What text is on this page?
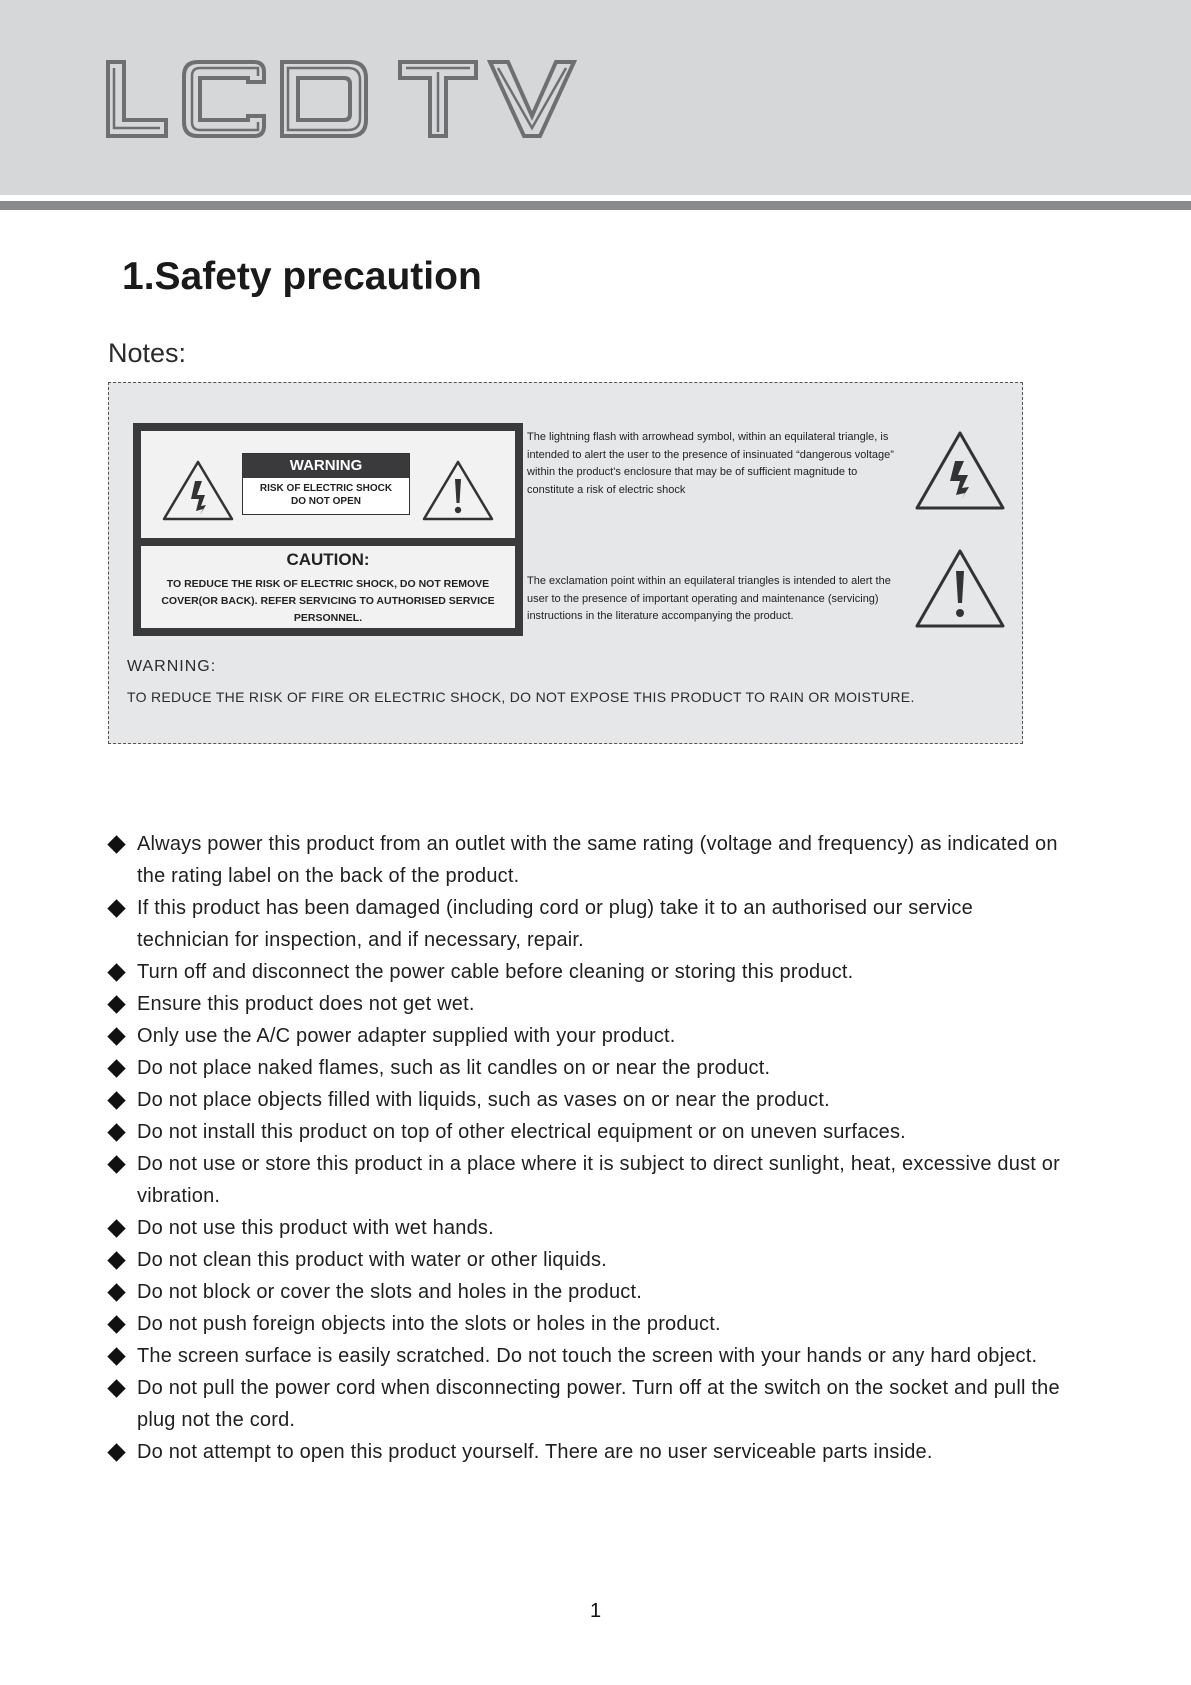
1.Safety precaution
Notes:
WARNING
RISK OF ELECTRIC SHOCK
DO NOT OPEN
CAUTION:
TO REDUCE THE RISK OF ELECTRIC SHOCK, DO NOT REMOVE COVER(OR BACK). REFER SERVICING TO AUTHORISED SERVICE PERSONNEL.
The lightning flash with arrowhead symbol, within an equilateral triangle, is intended to alert the user to the presence of insinuated “dangerous voltage” within the product's enclosure that may be of sufficient magnitude to constitute a risk of electric shock
The exclamation point within an equilateral triangles is intended to alert the user to the presence of important operating and maintenance (servicing) instructions in the literature accompanying the product.
WARNING:
TO REDUCE THE RISK OF FIRE OR ELECTRIC SHOCK, DO NOT EXPOSE THIS PRODUCT TO RAIN OR MOISTURE.
Always power this product from an outlet with the same rating (voltage and frequency) as indicated on the rating label on the back of the product.
If this product has been damaged (including cord or plug) take it to an authorised our service technician for inspection, and if necessary, repair.
Turn off and disconnect the power cable before cleaning or storing this product.
Ensure this product does not get wet.
Only use the A/C power adapter supplied with your product.
Do not place naked flames, such as lit candles on or near the product.
Do not place objects filled with liquids, such as vases on or near the product.
Do not install this product on top of other electrical equipment or on uneven surfaces.
Do not use or store this product in a place where it is subject to direct sunlight, heat, excessive dust or vibration.
Do not use this product with wet hands.
Do not clean this product with water or other liquids.
Do not block or cover the slots and holes in the product.
Do not push foreign objects into the slots or holes in the product.
The screen surface is easily scratched. Do not touch the screen with your hands or any hard object.
Do not pull the power cord when disconnecting power. Turn off at the switch on the socket and pull the plug not the cord.
Do not attempt to open this product yourself. There are no user serviceable parts inside.
1
